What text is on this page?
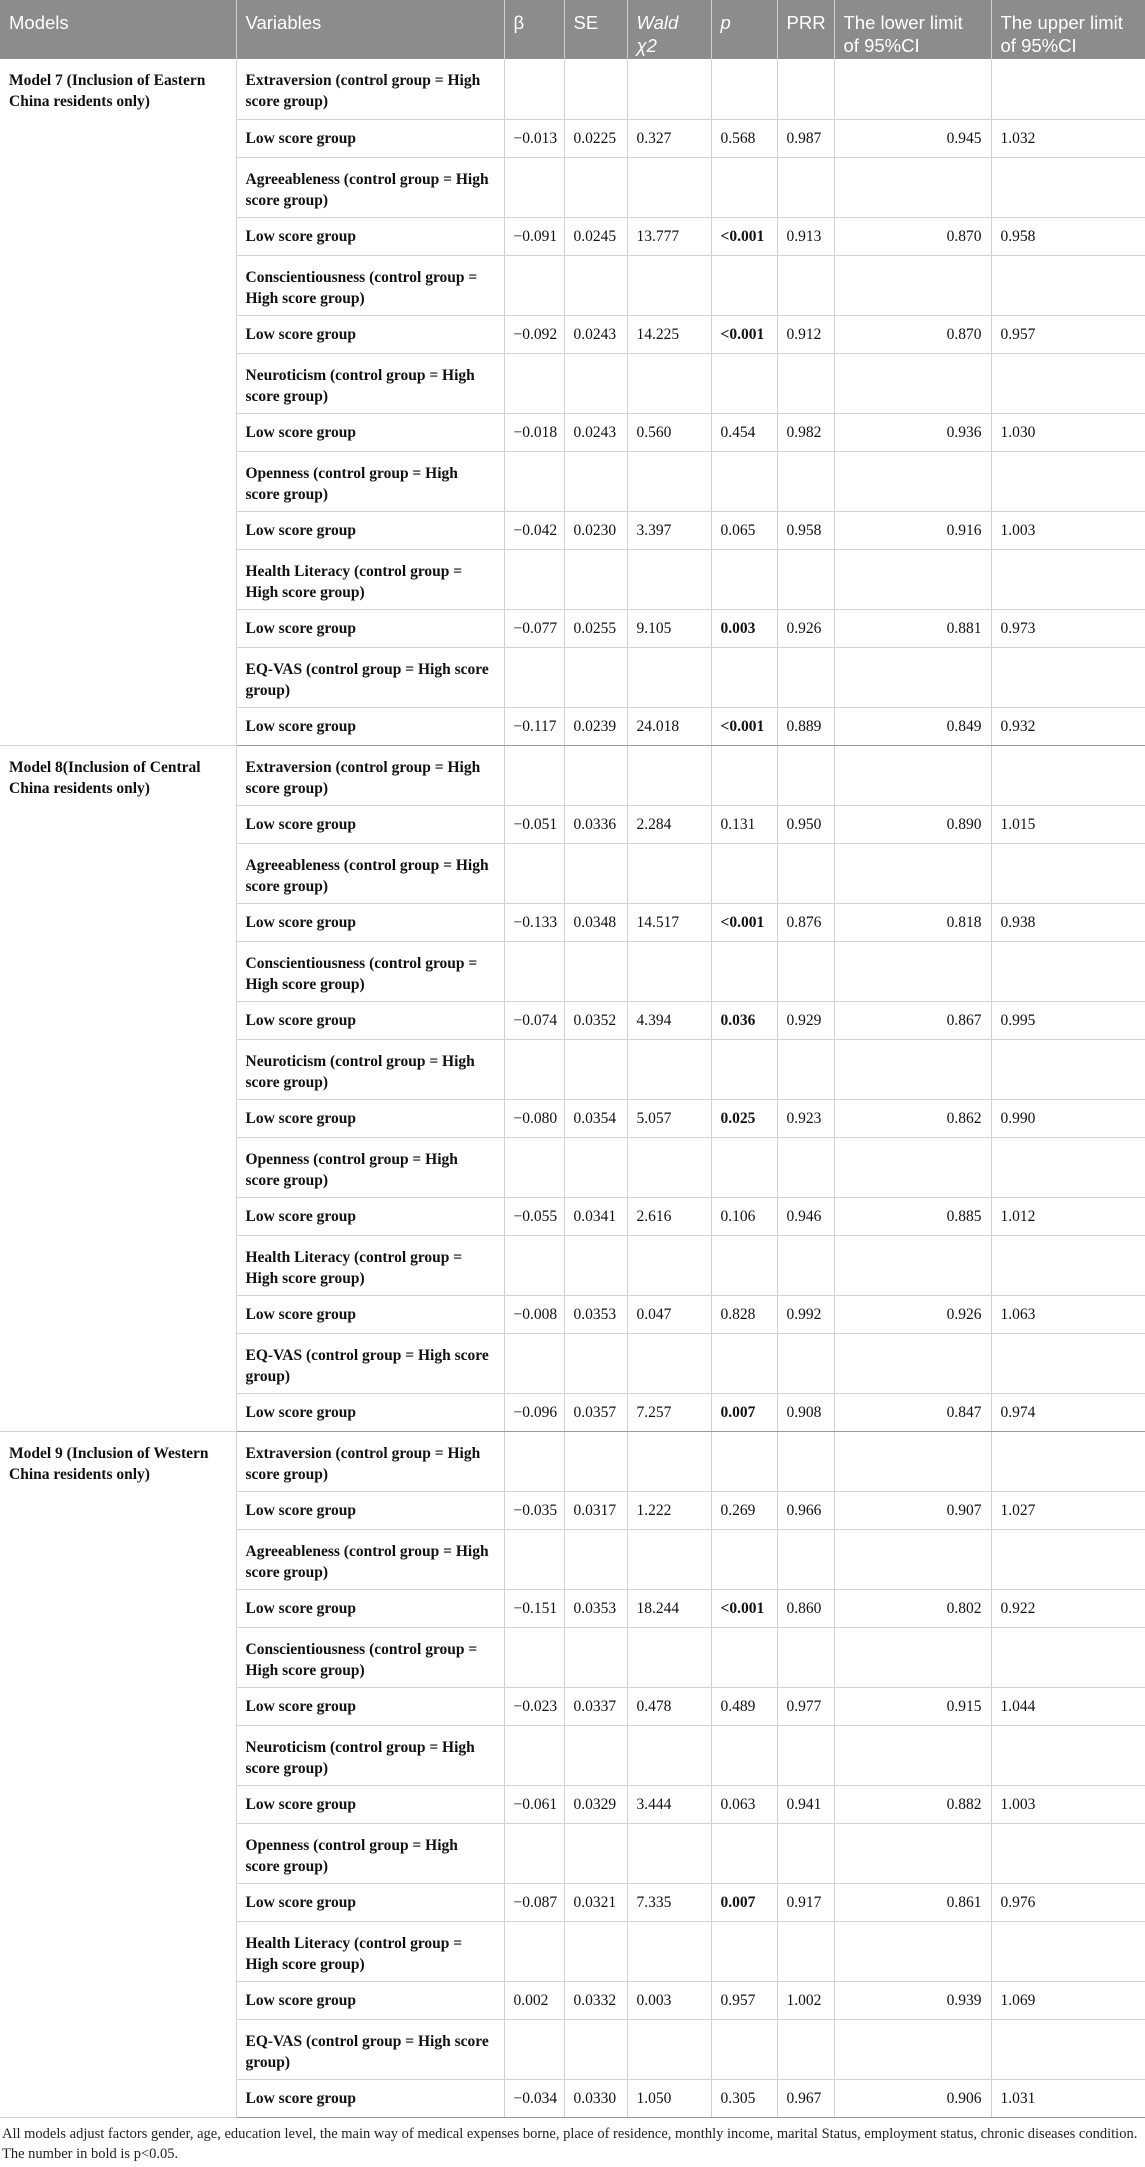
Models	Variables	β	SE	Wald χ2	p	PRR	The lower limit of 95%CI	The upper limit of 95%CI
Model 7 (Inclusion of Eastern China residents only)	Extraversion (control group = High score group)							
	Low score group	−0.013	0.0225	0.327	0.568	0.987	0.945	1.032
	Agreeableness (control group = High score group)							
	Low score group	−0.091	0.0245	13.777	<0.001	0.913	0.870	0.958
	Conscientiousness (control group = High score group)							
	Low score group	−0.092	0.0243	14.225	<0.001	0.912	0.870	0.957
	Neuroticism (control group = High score group)							
	Low score group	−0.018	0.0243	0.560	0.454	0.982	0.936	1.030
	Openness (control group = High score group)							
	Low score group	−0.042	0.0230	3.397	0.065	0.958	0.916	1.003
	Health Literacy (control group = High score group)							
	Low score group	−0.077	0.0255	9.105	0.003	0.926	0.881	0.973
	EQ-VAS (control group = High score group)							
	Low score group	−0.117	0.0239	24.018	<0.001	0.889	0.849	0.932
Model 8(Inclusion of Central China residents only)	Extraversion (control group = High score group)							
	Low score group	−0.051	0.0336	2.284	0.131	0.950	0.890	1.015
	Agreeableness (control group = High score group)							
	Low score group	−0.133	0.0348	14.517	<0.001	0.876	0.818	0.938
	Conscientiousness (control group = High score group)							
	Low score group	−0.074	0.0352	4.394	0.036	0.929	0.867	0.995
	Neuroticism (control group = High score group)							
	Low score group	−0.080	0.0354	5.057	0.025	0.923	0.862	0.990
	Openness (control group = High score group)							
	Low score group	−0.055	0.0341	2.616	0.106	0.946	0.885	1.012
	Health Literacy (control group = High score group)							
	Low score group	−0.008	0.0353	0.047	0.828	0.992	0.926	1.063
	EQ-VAS (control group = High score group)							
	Low score group	−0.096	0.0357	7.257	0.007	0.908	0.847	0.974
Model 9 (Inclusion of Western China residents only)	Extraversion (control group = High score group)							
	Low score group	−0.035	0.0317	1.222	0.269	0.966	0.907	1.027
	Agreeableness (control group = High score group)							
	Low score group	−0.151	0.0353	18.244	<0.001	0.860	0.802	0.922
	Conscientiousness (control group = High score group)							
	Low score group	−0.023	0.0337	0.478	0.489	0.977	0.915	1.044
	Neuroticism (control group = High score group)							
	Low score group	−0.061	0.0329	3.444	0.063	0.941	0.882	1.003
	Openness (control group = High score group)							
	Low score group	−0.087	0.0321	7.335	0.007	0.917	0.861	0.976
	Health Literacy (control group = High score group)							
	Low score group	0.002	0.0332	0.003	0.957	1.002	0.939	1.069
	EQ-VAS (control group = High score group)							
	Low score group	−0.034	0.0330	1.050	0.305	0.967	0.906	1.031
All models adjust factors gender, age, education level, the main way of medical expenses borne, place of residence, monthly income, marital Status, employment status, chronic diseases condition. The number in bold is p<0.05.
